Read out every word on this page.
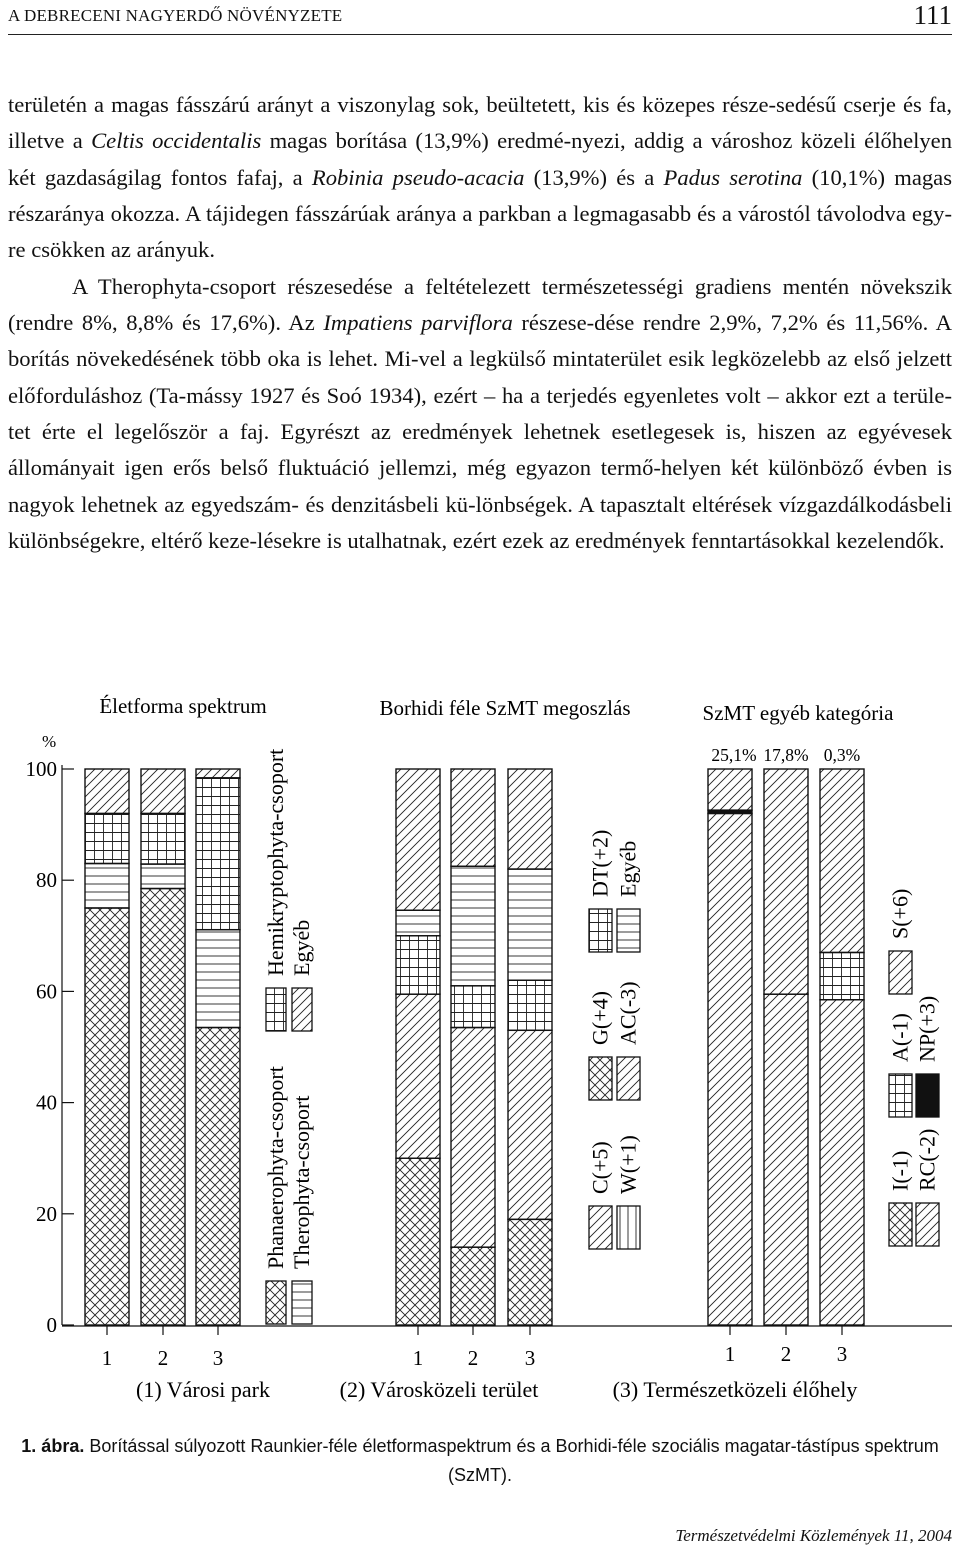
A DEBRECENI NAGYERDŐ NÖVÉNYZETE	111

területén a magas fásszárú arányt a viszonylag sok, beültetett, kis és közepes része-sedésű cserje és fa, illetve a Celtis occidentalis magas borítása (13,9%) eredmé-nyezi, addig a városhoz közeli élőhelyen két gazdaságilag fontos fafaj, a Robinia pseudo-acacia (13,9%) és a Padus serotina (10,1%) magas részaránya okozza. A tájidegen fásszárúak aránya a parkban a legmagasabb és a várostól távolodva egy-re csökken az arányuk.

A Therophyta-csoport részesedése a feltételezett természetességi gradiens mentén növekszik (rendre 8%, 8,8% és 17,6%). Az Impatiens parviflora részese-dése rendre 2,9%, 7,2% és 11,56%. A borítás növekedésének több oka is lehet. Mi-vel a legkülső mintaterület esik legközelebb az első jelzett előforduláshoz (Ta-mássy 1927 és Soó 1934), ezért – ha a terjedés egyenletes volt – akkor ezt a terüle-tet érte el legelőször a faj. Egyrészt az eredmények lehetnek esetlegesek is, hiszen az egyévesek állományait igen erős belső fluktuáció jellemzi, még egyazon termő-helyen két különböző évben is nagyok lehetnek az egyedszám- és denzitásbeli kü-lönbségek. A tapasztalt eltérések vízgazdálkodásbeli különbségekre, eltérő keze-lésekre is utalhatnak, ezért ezek az eredmények fenntartásokkal kezelendők.

0
20
40
60
80
100
%
Életforma spektrum
1 2 3
(1) Városi park
Borhidi féle SzMT megoszlás
1 2 3
(2) Városközeli terület
SzMT egyéb kategória
1
25,1%
2
17,8%
3
0,3%
(3) Természetközeli élőhely
Phanaerophyta-csoport Therophyta-csoport
Hemikryptophyta-csoport Egyéb
C(+5) W(+1)
G(+4) AC(-3)
DT(+2) Egyéb
I(-1) RC(-2)
A(-1) NP(+3)
S(+6)

1. ábra. Borítással súlyozott Raunkier-féle életformaspektrum és a Borhidi-féle szociális magatar-tástípus spektrum (SzMT).

Természetvédelmi Közlemények 11, 2004
